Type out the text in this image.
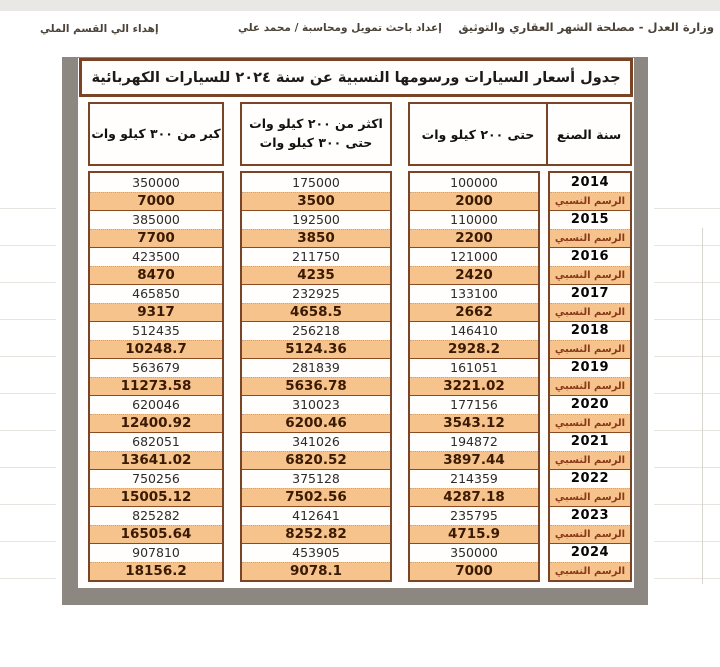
وزارة العدل - مصلحة الشهر العقاري والتوثيق
إعداد باحث تمويل ومحاسبة / محمد علي
إهداء الي القسم الملي
جدول أسعار السيارات ورسومها النسبية عن سنة ٢٠٢٤ للسيارات الكهربائية
سنة الصنع
حتى ٢٠٠ كيلو وات
2014
الرسم النسبي
2015
الرسم النسبي
2016
الرسم النسبي
2017
الرسم النسبي
2018
الرسم النسبي
2019
الرسم النسبي
2020
الرسم النسبي
2021
الرسم النسبي
2022
الرسم النسبي
2023
الرسم النسبي
2024
الرسم النسبي
100000
2000
110000
2200
121000
2420
133100
2662
146410
2928.2
161051
3221.02
177156
3543.12
194872
3897.44
214359
4287.18
235795
4715.9
350000
7000
اكثر من ٢٠٠ كيلو وات
حتى ٣٠٠ كيلو وات
175000
3500
192500
3850
211750
4235
232925
4658.5
256218
5124.36
281839
5636.78
310023
6200.46
341026
6820.52
375128
7502.56
412641
8252.82
453905
9078.1
كبر من ٣٠٠ كيلو وات
350000
7000
385000
7700
423500
8470
465850
9317
512435
10248.7
563679
11273.58
620046
12400.92
682051
13641.02
750256
15005.12
825282
16505.64
907810
18156.2
